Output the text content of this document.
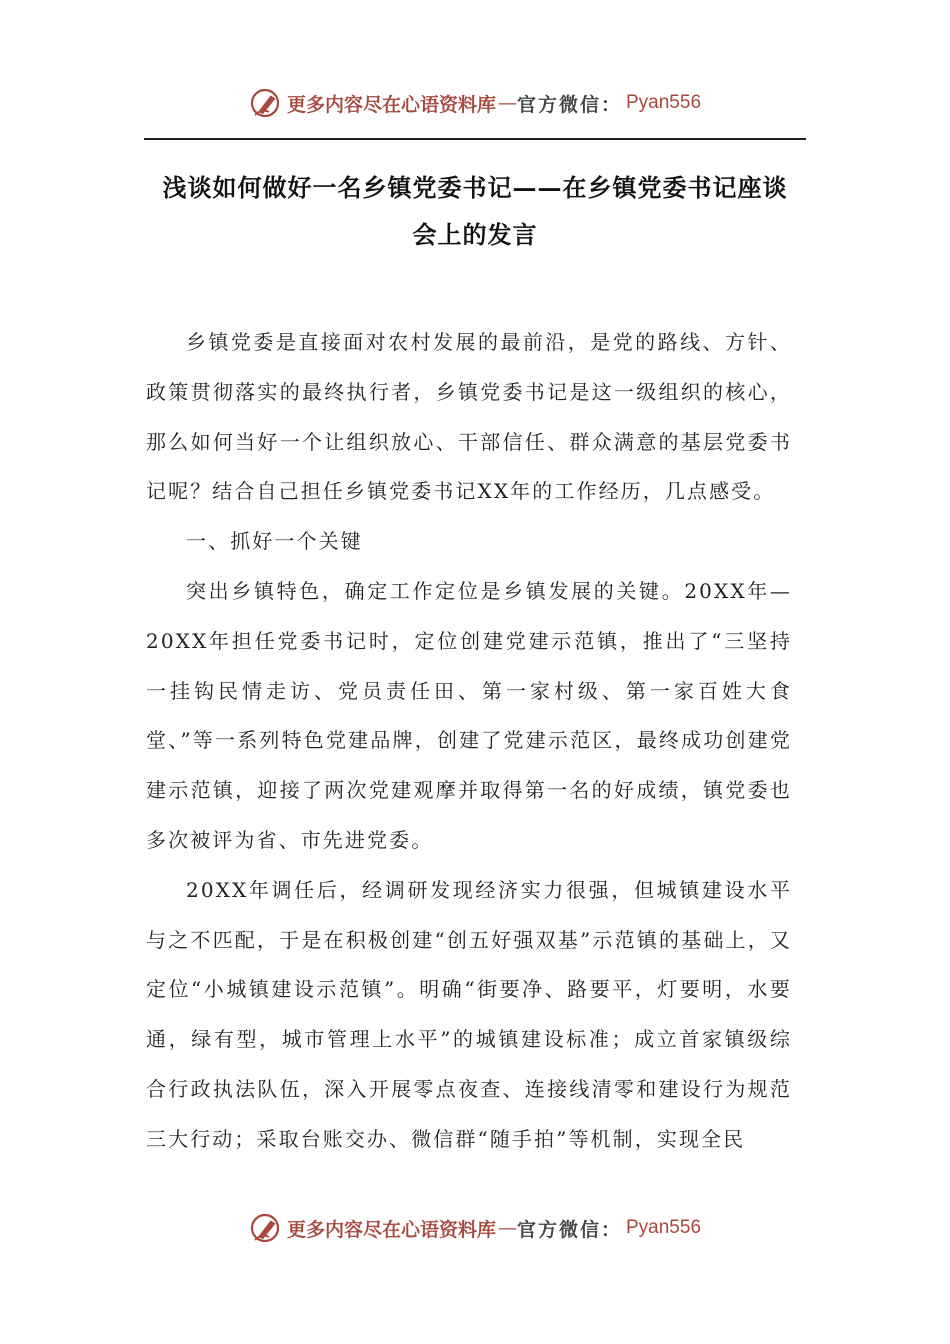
更多内容尽在心语资料库 — 官方微信： Pyan556
浅谈如何做好一名乡镇党委书记——在乡镇党委书记座谈
会上的发言

乡镇党委是直接面对农村发展的最前沿，是党的路线、方针、政策贯彻落实的最终执行者，乡镇党委书记是这一级组织的核心，那么如何当好一个让组织放心、干部信任、群众满意的基层党委书记呢？结合自己担任乡镇党委书记XX年的工作经历，几点感受。

一、抓好一个关键

突出乡镇特色，确定工作定位是乡镇发展的关键。20XX年—20XX年担任党委书记时，定位创建党建示范镇，推出了“三坚持一挂钩民情走访、党员责任田、第一家村级、第一家百姓大食堂、”等一系列特色党建品牌，创建了党建示范区，最终成功创建党建示范镇，迎接了两次党建观摩并取得第一名的好成绩，镇党委也多次被评为省、市先进党委。

20XX年调任后，经调研发现经济实力很强，但城镇建设水平与之不匹配，于是在积极创建“创五好强双基”示范镇的基础上，又定位“小城镇建设示范镇”。明确“街要净、路要平，灯要明，水要通，绿有型，城市管理上水平”的城镇建设标准；成立首家镇级综合行政执法队伍，深入开展零点夜查、连接线清零和建设行为规范三大行动；采取台账交办、微信群“随手拍”等机制，实现全民

更多内容尽在心语资料库 — 官方微信： Pyan556
